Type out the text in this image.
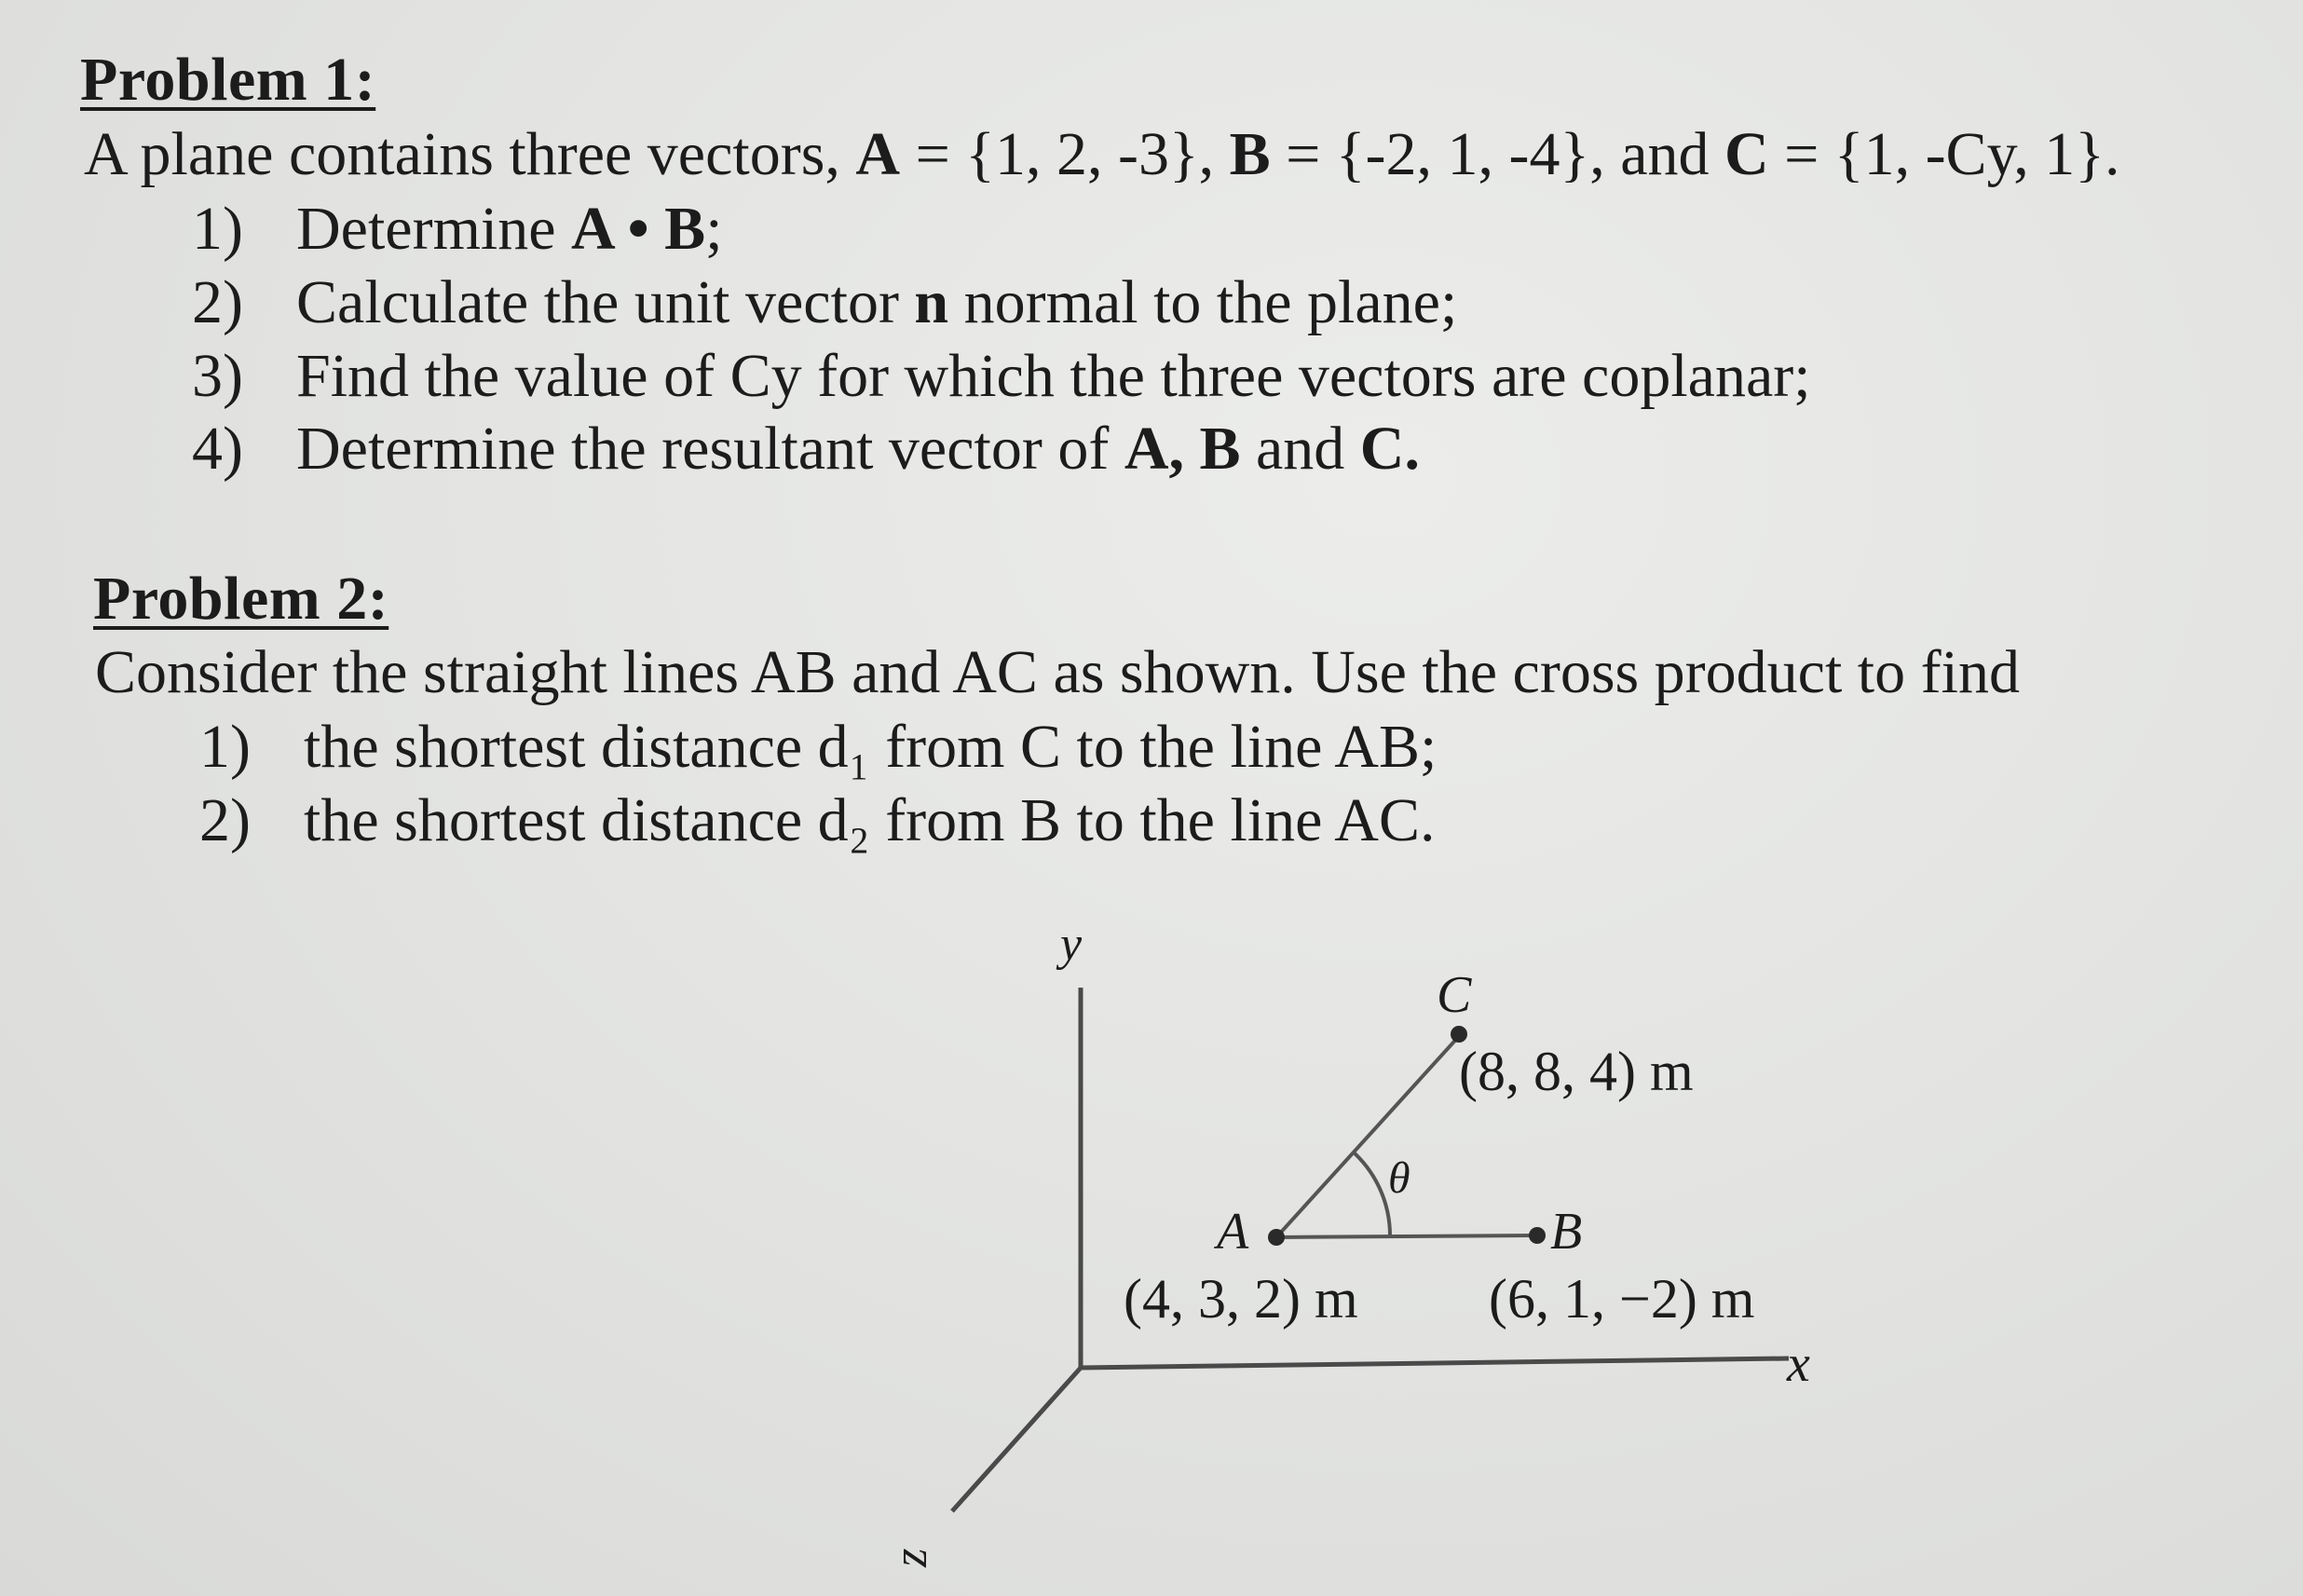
Problem 1:
A plane contains three vectors, A = {1, 2, -3}, B = {-2, 1, -4}, and C = {1, -Cy, 1}.
1) Determine A • B;
2) Calculate the unit vector n normal to the plane;
3) Find the value of Cy for which the three vectors are coplanar;
4) Determine the resultant vector of A, B and C.
Problem 2:
Consider the straight lines AB and AC as shown. Use the cross product to find
1) the shortest distance d₁ from C to the line AB;
2) the shortest distance d₂ from B to the line AC.
y
x
z
A	B
C
(4, 3, 2) m (6, 1, −2) m
(8, 8, 4) m
θ
